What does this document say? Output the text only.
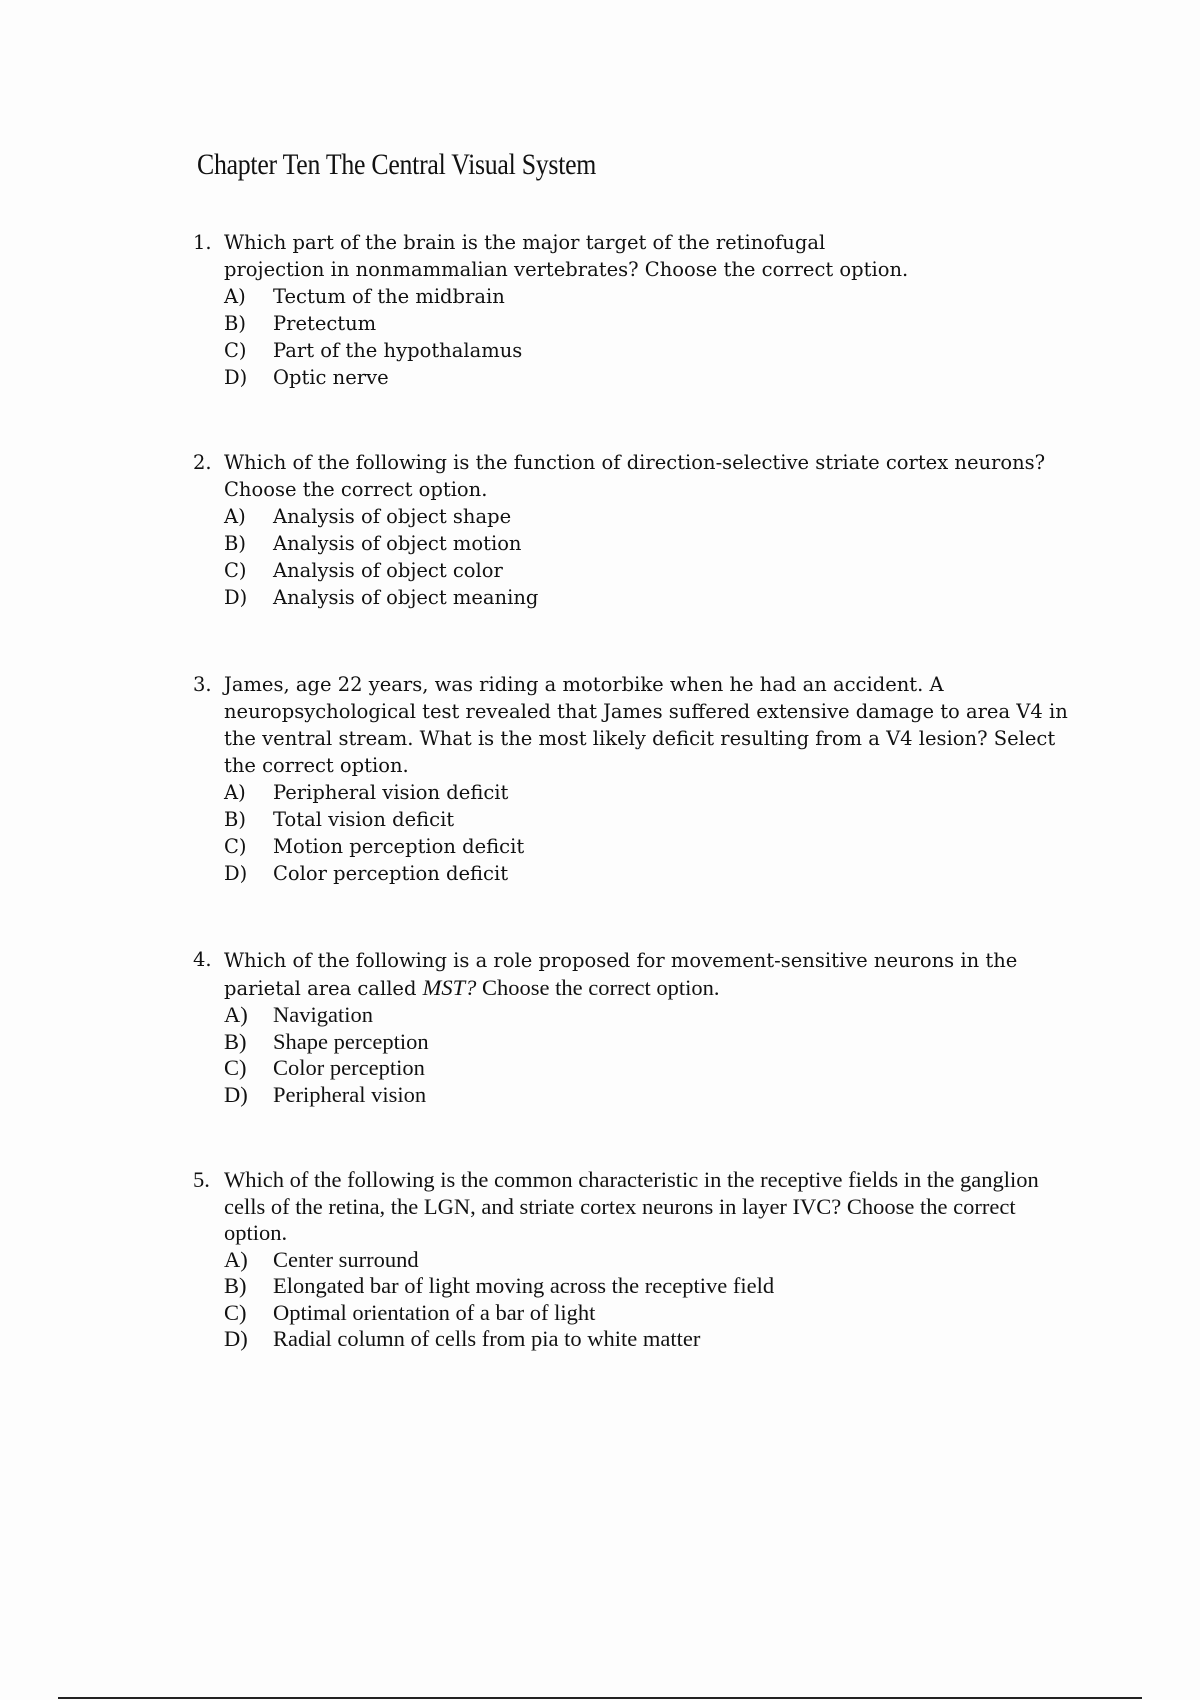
Chapter Ten The Central Visual System
1. Which part of the brain is the major target of the retinofugal projection in nonmammalian vertebrates? Choose the correct option.
A)	Tectum of the midbrain
B)	Pretectum
C)	Part of the hypothalamus
D)	Optic nerve
2. Which of the following is the function of direction-selective striate cortex neurons? Choose the correct option.
A)	Analysis of object shape
B)	Analysis of object motion
C)	Analysis of object color
D)	Analysis of object meaning
3. James, age 22 years, was riding a motorbike when he had an accident. A neuropsychological test revealed that James suffered extensive damage to area V4 in the ventral stream. What is the most likely deficit resulting from a V4 lesion? Select the correct option.
A)	Peripheral vision deficit
B)	Total vision deficit
C)	Motion perception deficit
D)	Color perception deficit
4. Which of the following is a role proposed for movement-sensitive neurons in the parietal area called MST? Choose the correct option.
A)	Navigation
B)	Shape perception
C)	Color perception
D)	Peripheral vision
5. Which of the following is the common characteristic in the receptive fields in the ganglion cells of the retina, the LGN, and striate cortex neurons in layer IVC? Choose the correct option.
A)	Center surround
B)	Elongated bar of light moving across the receptive field
C)	Optimal orientation of a bar of light
D)	Radial column of cells from pia to white matter
